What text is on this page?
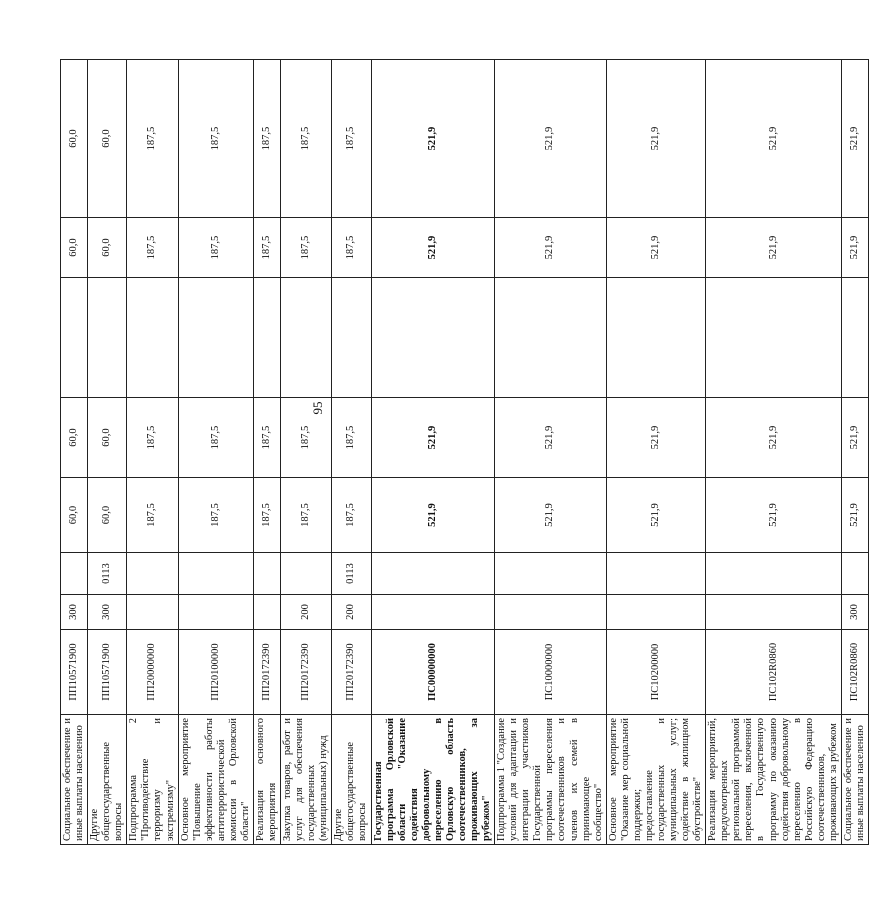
95
Социальное обеспечение и иные выплаты населению	ПП10571900	300		60,0	60,0		60,0	60,0
Другие общегосударственные вопросы	ПП10571900	300	0113	60,0	60,0		60,0	60,0
Подпрограмма 2 "Противодействие терроризму и экстремизму"	ПП20000000			187,5	187,5		187,5	187,5
Основное мероприятие "Повышение эффективности работы антитеррористической комиссии в Орловской области"	ПП20100000			187,5	187,5		187,5	187,5
Реализация основного мероприятия	ПП20172390			187,5	187,5		187,5	187,5
Закупка товаров, работ и услуг для обеспечения государственных (муниципальных) нужд	ПП20172390	200		187,5	187,5		187,5	187,5
Другие общегосударственные вопросы	ПП20172390	200	0113	187,5	187,5		187,5	187,5
Государственная программа Орловской области "Оказание содействия добровольному переселению в Орловскую область соотечественников, проживающих за рубежом"	ПС00000000			521,9	521,9		521,9	521,9
Подпрограмма 1 "Создание условий для адаптации и интеграции участников Государственной программы переселения соотечественников и членов их семей в принимающее сообщество"	ПС10000000			521,9	521,9		521,9	521,9
Основное мероприятие "Оказание мер социальной поддержки; предоставление государственных и муниципальных услуг; содействие в жилищном обустройстве"	ПС10200000			521,9	521,9		521,9	521,9
Реализация мероприятий, предусмотренных региональной программой переселения, включенной в Государственную программу по оказанию содействия добровольному переселению в Российскую Федерацию соотечественников, проживающих за рубежом	ПС102R0860			521,9	521,9		521,9	521,9
Социальное обеспечение и иные выплаты населению	ПС102R0860	300		521,9	521,9		521,9	521,9
